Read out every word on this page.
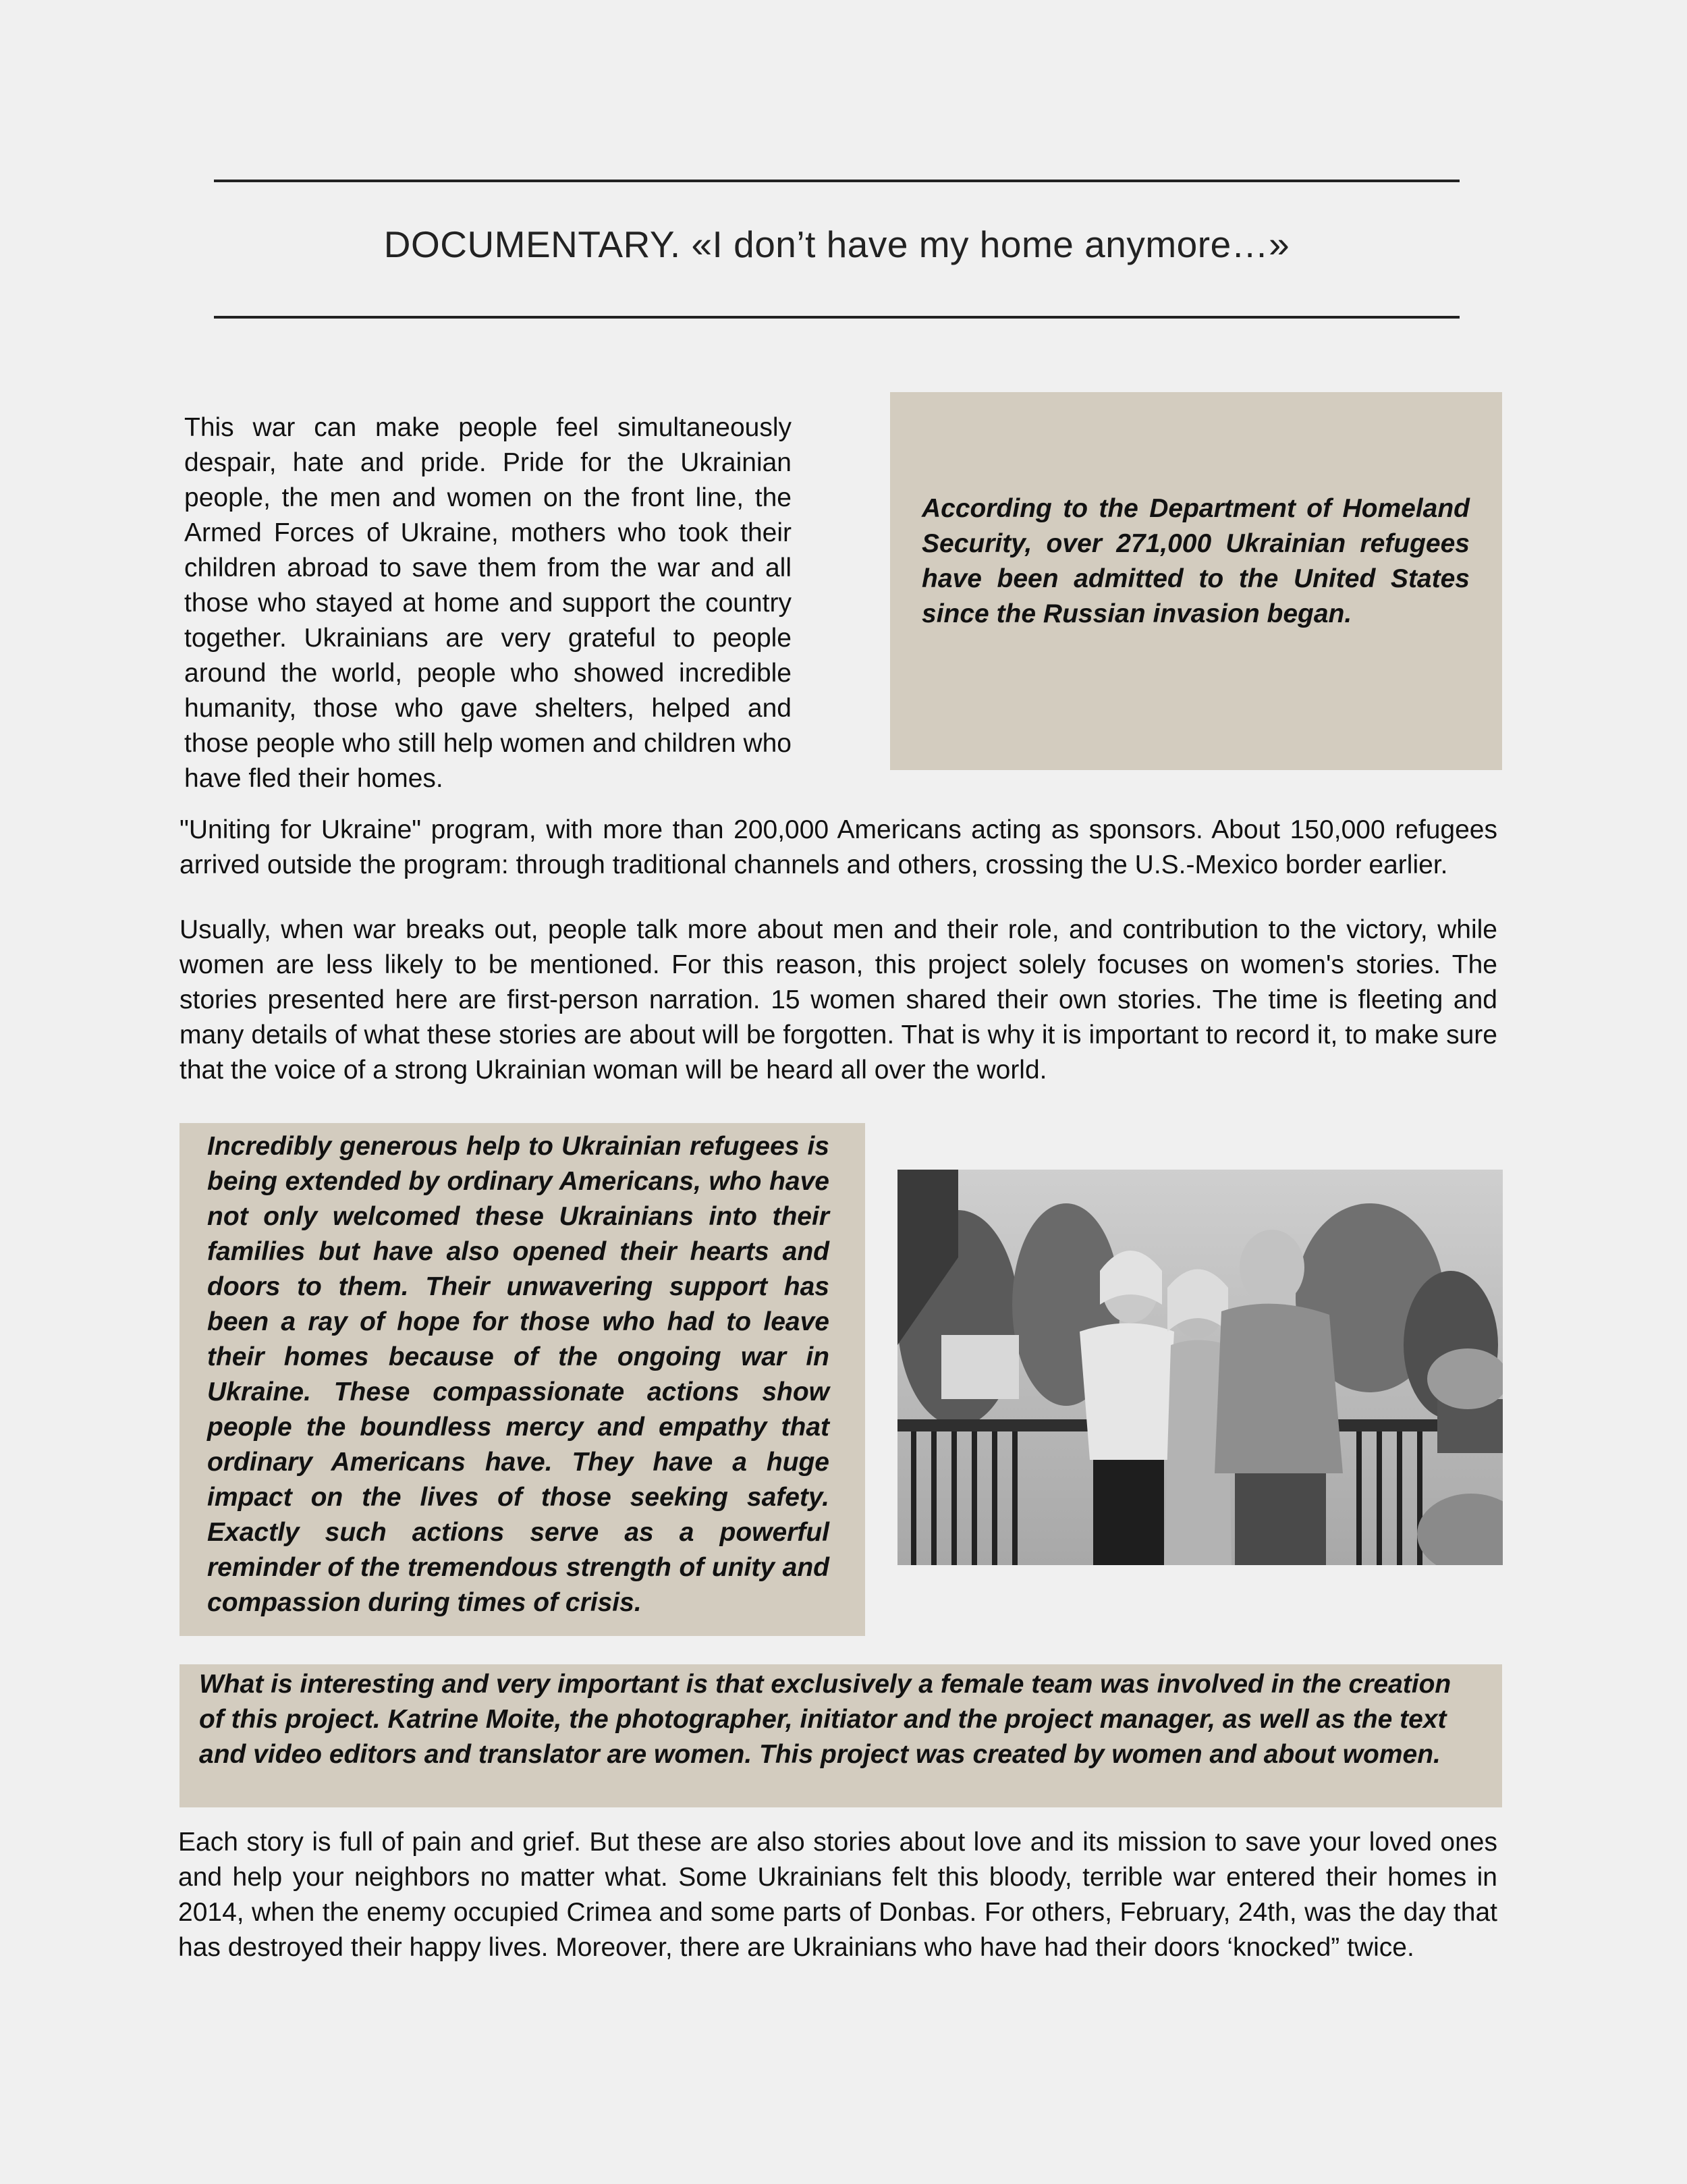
DOCUMENTARY. «I don’t have my home anymore…»
This war can make people feel simultaneously despair, hate and pride. Pride for the Ukrainian people, the men and women on the front line, the Armed Forces of Ukraine, mothers who took their children abroad to save them from the war and all those who stayed at home and support the country together. Ukrainians are very grateful to people around the world, people who showed incredible humanity, those who gave shelters, helped and those people who still help women and children who have fled their homes.
According to the Department of Homeland Security, over 271,000 Ukrainian refugees have been admitted to the United States since the Russian invasion began.
"Uniting for Ukraine" program, with more than 200,000 Americans acting as sponsors. About 150,000 refugees arrived outside the program: through traditional channels and others, crossing the U.S.-Mexico border earlier.
Usually, when war breaks out, people talk more about men and their role, and contribution to the victory, while women are less likely to be mentioned. For this reason, this project solely focuses on women's stories. The stories presented here are first-person narration. 15 women shared their own stories. The time is fleeting and many details of what these stories are about will be forgotten. That is why it is important to record it, to make sure that the voice of a strong Ukrainian woman will be heard all over the world.
Incredibly generous help to Ukrainian refugees is being extended by ordinary Americans, who have not only welcomed these Ukrainians into their families but have also opened their hearts and doors to them. Their unwavering support has been a ray of hope for those who had to leave their homes because of the ongoing war in Ukraine. These compassionate actions show people the boundless mercy and empathy that ordinary Americans have. They have a huge impact on the lives of those seeking safety. Exactly such actions serve as a powerful reminder of the tremendous strength of unity and compassion during times of crisis.
What is interesting and very important is that exclusively a female team was involved in the creation of this project. Katrine Moite, the photographer, initiator and the project manager, as well as the text and video editors and translator are women. This project was created by women and about women.
Each story is full of pain and grief. But these are also stories about love and its mission to save your loved ones and help your neighbors no matter what. Some Ukrainians felt this bloody, terrible war entered their homes in 2014, when the enemy occupied Crimea and some parts of Donbas. For others, February, 24th, was the day that has destroyed their happy lives. Moreover, there are Ukrainians who have had their doors ‘knocked” twice.
